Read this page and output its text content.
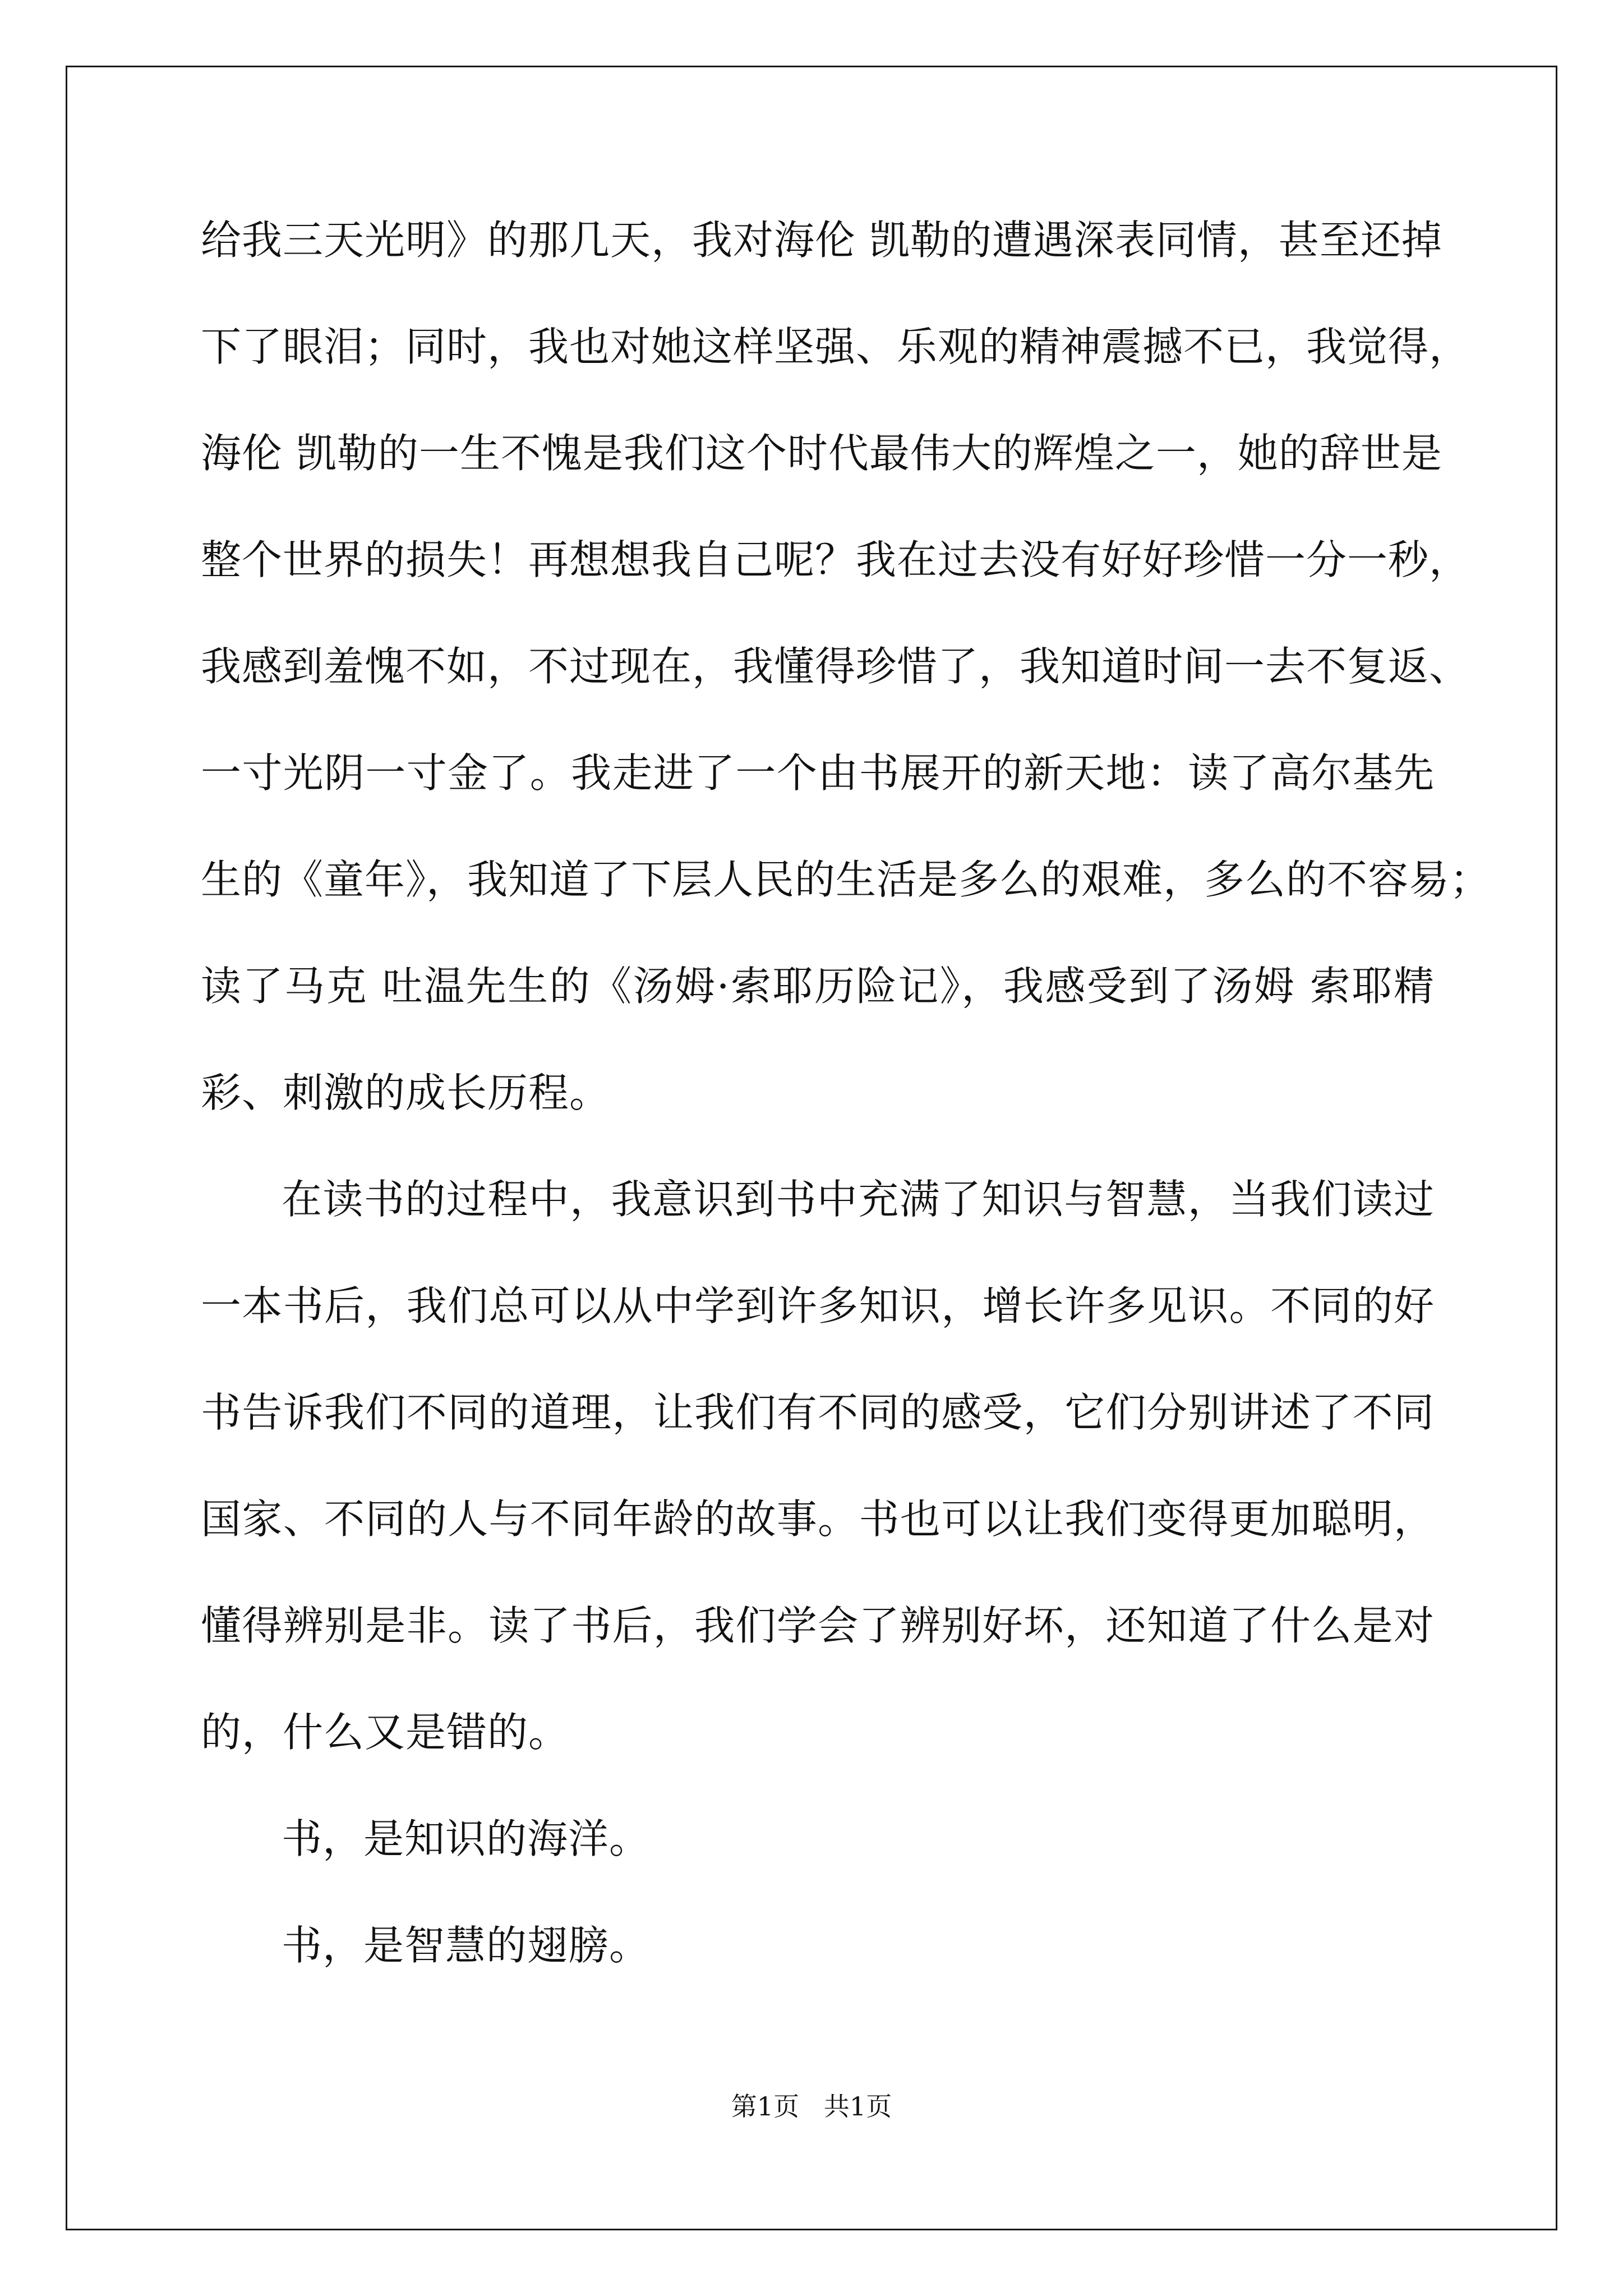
给我三天光明》的那几天，我对海伦 凯勒的遭遇深表同情，甚至还掉
下了眼泪；同时，我也对她这样坚强、乐观的精神震撼不已，我觉得，
海伦 凯勒的一生不愧是我们这个时代最伟大的辉煌之一，她的辞世是
整个世界的损失！再想想我自己呢？我在过去没有好好珍惜一分一秒，
我感到羞愧不如，不过现在，我懂得珍惜了，我知道时间一去不复返、
一寸光阴一寸金了。我走进了一个由书展开的新天地：读了高尔基先
生的《童年》，我知道了下层人民的生活是多么的艰难，多么的不容易；
读了马克 吐温先生的《汤姆·索耶历险记》，我感受到了汤姆 索耶精
彩、刺激的成长历程。
在读书的过程中，我意识到书中充满了知识与智慧，当我们读过
一本书后，我们总可以从中学到许多知识，增长许多见识。不同的好
书告诉我们不同的道理，让我们有不同的感受，它们分别讲述了不同
国家、不同的人与不同年龄的故事。书也可以让我们变得更加聪明，
懂得辨别是非。读了书后，我们学会了辨别好坏，还知道了什么是对
的，什么又是错的。
书，是知识的海洋。
书，是智慧的翅膀。
第1页   共1页
